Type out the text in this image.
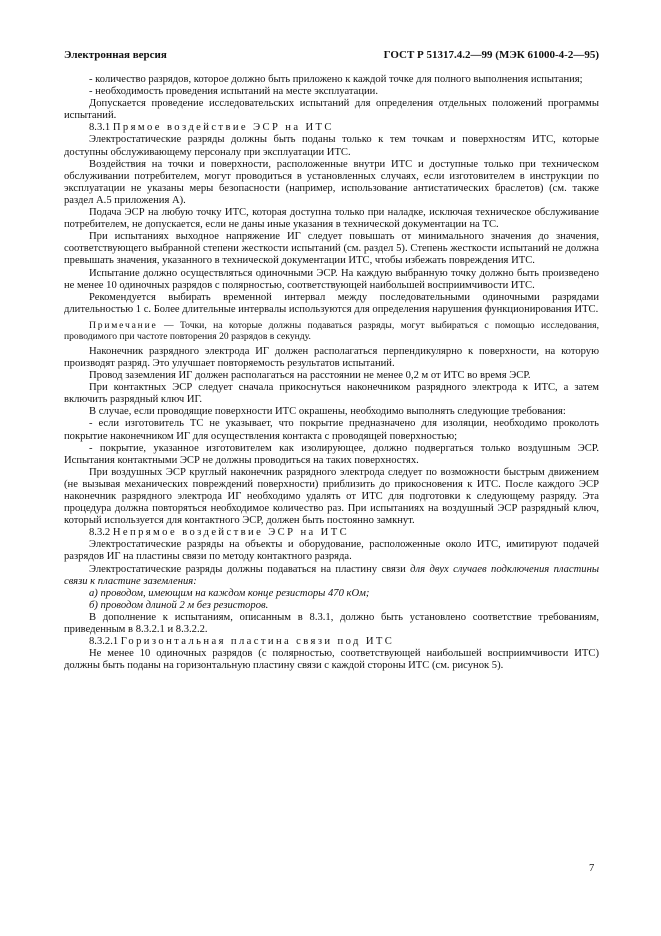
Электронная версия	ГОСТ Р 51317.4.2—99 (МЭК 61000-4-2—95)

- количество разрядов, которое должно быть приложено к каждой точке для полного выполнения испытания;

- необходимость проведения испытаний на месте эксплуатации.

Допускается проведение исследовательских испытаний для определения отдельных положений программы испытаний.

8.3.1 Прямое воздействие ЭСР на ИТС

Электростатические разряды должны быть поданы только к тем точкам и поверхностям ИТС, которые доступны обслуживающему персоналу при эксплуатации ИТС.

Воздействия на точки и поверхности, расположенные внутри ИТС и доступные только при техническом обслуживании потребителем, могут проводиться в установленных случаях, если изготовителем в инструкции по эксплуатации не указаны меры безопасности (например, использование антистатических браслетов) (см. также раздел А.5 приложения А).

Подача ЭСР на любую точку ИТС, которая доступна только при наладке, исключая техническое обслуживание потребителем, не допускается, если не даны иные указания в технической документации на ТС.

При испытаниях выходное напряжение ИГ следует повышать от минимального значения до значения, соответствующего выбранной степени жесткости испытаний (см. раздел 5). Степень жесткости испытаний не должна превышать значения, указанного в технической документации ИТС, чтобы избежать повреждения ИТС.

Испытание должно осуществляться одиночными ЭСР. На каждую выбранную точку должно быть произведено не менее 10 одиночных разрядов с полярностью, соответствующей наибольшей восприимчивости ИТС.

Рекомендуется выбирать временной интервал между последовательными одиночными разрядами длительностью 1 с. Более длительные интервалы используются для определения нарушения функционирования ИТС.

Примечание — Точки, на которые должны подаваться разряды, могут выбираться с помощью исследования, проводимого при частоте повторения 20 разрядов в секунду.

Наконечник разрядного электрода ИГ должен располагаться перпендикулярно к поверхности, на которую производят разряд. Это улучшает повторяемость результатов испытаний.

Провод заземления ИГ должен располагаться на расстоянии не менее 0,2 м от ИТС во время ЭСР.

При контактных ЭСР следует сначала прикоснуться наконечником разрядного электрода к ИТС, а затем включить разрядный ключ ИГ.

В случае, если проводящие поверхности ИТС окрашены, необходимо выполнять следующие требования:

- если изготовитель ТС не указывает, что покрытие предназначено для изоляции, необходимо проколоть покрытие наконечником ИГ для осуществления контакта с проводящей поверхностью;

- покрытие, указанное изготовителем как изолирующее, должно подвергаться только воздушным ЭСР. Испытания контактными ЭСР не должны проводиться на таких поверхностях.

При воздушных ЭСР круглый наконечник разрядного электрода следует по возможности быстрым движением (не вызывая механических повреждений поверхности) приблизить до прикосновения к ИТС. После каждого ЭСР наконечник разрядного электрода ИГ необходимо удалять от ИТС для подготовки к следующему разряду. Эта процедура должна повторяться необходимое количество раз. При испытаниях на воздушный ЭСР разрядный ключ, который используется для контактного ЭСР, должен быть постоянно замкнут.

8.3.2 Непрямое воздействие ЭСР на ИТС

Электростатические разряды на объекты и оборудование, расположенные около ИТС, имитируют подачей разрядов ИГ на пластины связи по методу контактного разряда.

Электростатические разряды должны подаваться на пластину связи для двух случаев подключения пластины связи к пластине заземления:

а) проводом, имеющим на каждом конце резисторы 470 кОм;

б) проводом длиной 2 м без резисторов.

В дополнение к испытаниям, описанным в 8.3.1, должно быть установлено соответствие требованиям, приведенным в 8.3.2.1 и 8.3.2.2.

8.3.2.1 Горизонтальная пластина связи под ИТС

Не менее 10 одиночных разрядов (с полярностью, соответствующей наибольшей восприимчивости ИТС) должны быть поданы на горизонтальную пластину связи с каждой стороны ИТС (см. рисунок 5).

7
